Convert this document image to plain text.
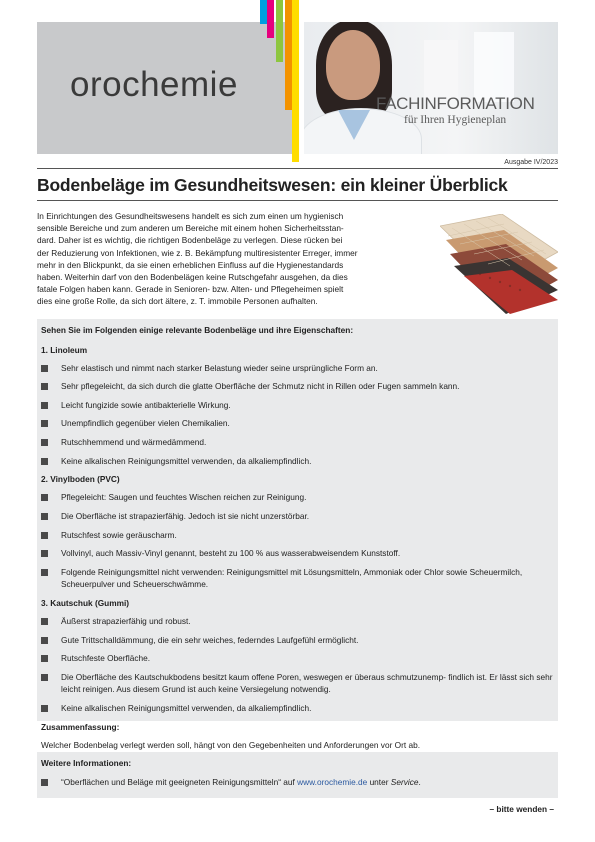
orochemie	FACHINFORMATION
für Ihren Hygieneplan
Ausgabe IV/2023
Bodenbeläge im Gesundheitswesen: ein kleiner Überblick

In Einrichtungen des Gesundheitswesens handelt es sich zum einen um hygienisch

sensible Bereiche und zum anderen um Bereiche mit einem hohen Sicherheitsstan-

dard. Daher ist es wichtig, die richtigen Bodenbeläge zu verlegen. Diese rücken bei

der Reduzierung von Infektionen, wie z. B. Bekämpfung multiresistenter Erreger, immer

mehr in den Blickpunkt, da sie einen erheblichen Einfluss auf die Hygienestandards

haben. Weiterhin darf von den Bodenbelägen keine Rutschgefahr ausgehen, da dies

fatale Folgen haben kann. Gerade in Senioren- bzw. Alten- und Pflegeheimen spielt

dies eine große Rolle, da sich dort ältere, z. T. immobile Personen aufhalten.

Sehen Sie im Folgenden einige relevante Bodenbeläge und ihre Eigenschaften:
1. Linoleum
Sehr elastisch und nimmt nach starker Belastung wieder seine ursprüngliche Form an.
Sehr pflegeleicht, da sich durch die glatte Oberfläche der Schmutz nicht in Rillen oder Fugen sammeln kann.
Leicht fungizide sowie antibakterielle Wirkung.
Unempfindlich gegenüber vielen Chemikalien.
Rutschhemmend und wärmedämmend.
Keine alkalischen Reinigungsmittel verwenden, da alkaliempfindlich.
2. Vinylboden (PVC)
Pflegeleicht: Saugen und feuchtes Wischen reichen zur Reinigung.
Die Oberfläche ist strapazierfähig. Jedoch ist sie nicht unzerstörbar.
Rutschfest sowie geräuscharm.
Vollvinyl, auch Massiv-Vinyl genannt, besteht zu 100 % aus wasserabweisendem Kunststoff.
Folgende Reinigungsmittel nicht verwenden: Reinigungsmittel mit Lösungsmitteln, Ammoniak oder Chlor sowie Scheuermilch, Scheuerpulver und Scheuerschwämme.
3. Kautschuk (Gummi)
Äußerst strapazierfähig und robust.
Gute Trittschalldämmung, die ein sehr weiches, federndes Laufgefühl ermöglicht.
Rutschfeste Oberfläche.
Die Oberfläche des Kautschukbodens besitzt kaum offene Poren, weswegen er überaus schmutzunemp- findlich ist. Er lässt sich sehr leicht reinigen. Aus diesem Grund ist auch keine Versiegelung notwendig.
Keine alkalischen Reinigungsmittel verwenden, da alkaliempfindlich.
Zusammenfassung:
Welcher Bodenbelag verlegt werden soll, hängt von den Gegebenheiten und Anforderungen vor Ort ab.
Weitere Informationen:
“Oberflächen und Beläge mit geeigneten Reinigungsmitteln“ auf www.orochemie.de unter Service.
– bitte wenden –
